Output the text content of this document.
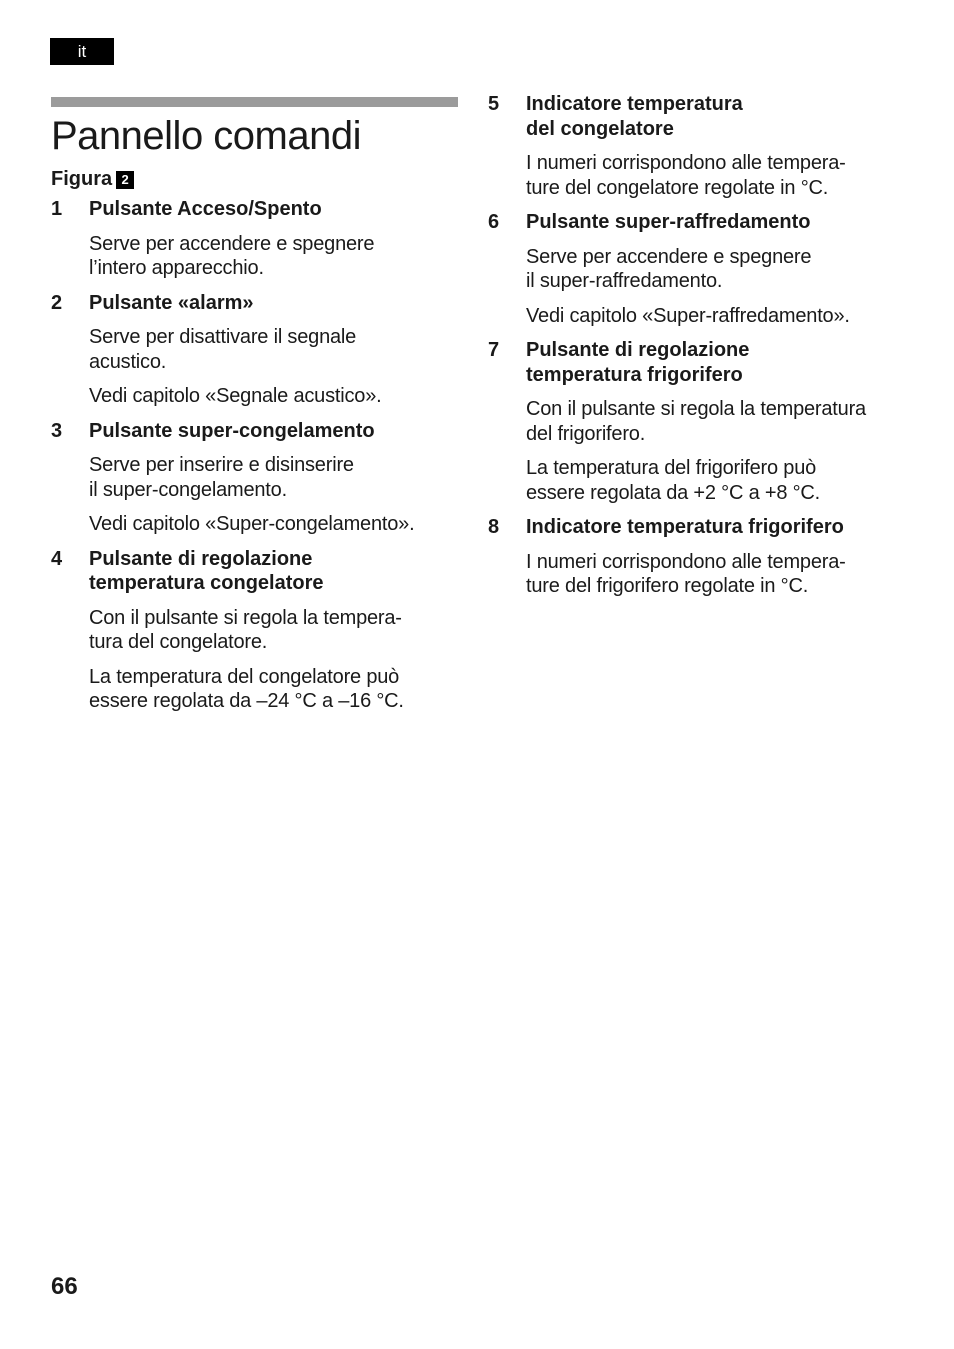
it
Pannello comandi
Figura 2
1	Pulsante Acceso/Spento

Serve per accendere e spegnere
l’intero apparecchio.

2	Pulsante «alarm»

Serve per disattivare il segnale
acustico.

Vedi capitolo «Segnale acustico».

3	Pulsante super-congelamento

Serve per inserire e disinserire
il super-congelamento.

Vedi capitolo «Super-congelamento».

4	Pulsante di regolazione
temperatura congelatore

Con il pulsante si regola la tempera-
tura del congelatore.

La temperatura del congelatore può
essere regolata da –24 °C a –16 °C.

5	Indicatore temperatura
del congelatore

I numeri corrispondono alle tempera-
ture del congelatore regolate in °C.

6	Pulsante super-raffredamento

Serve per accendere e spegnere
il super-raffredamento.

Vedi capitolo «Super-raffredamento».

7	Pulsante di regolazione
temperatura frigorifero

Con il pulsante si regola la temperatura
del frigorifero.

La temperatura del frigorifero può
essere regolata da +2 °C a +8 °C.

8	Indicatore temperatura frigorifero

I numeri corrispondono alle tempera-
ture del frigorifero regolate in °C.

66
